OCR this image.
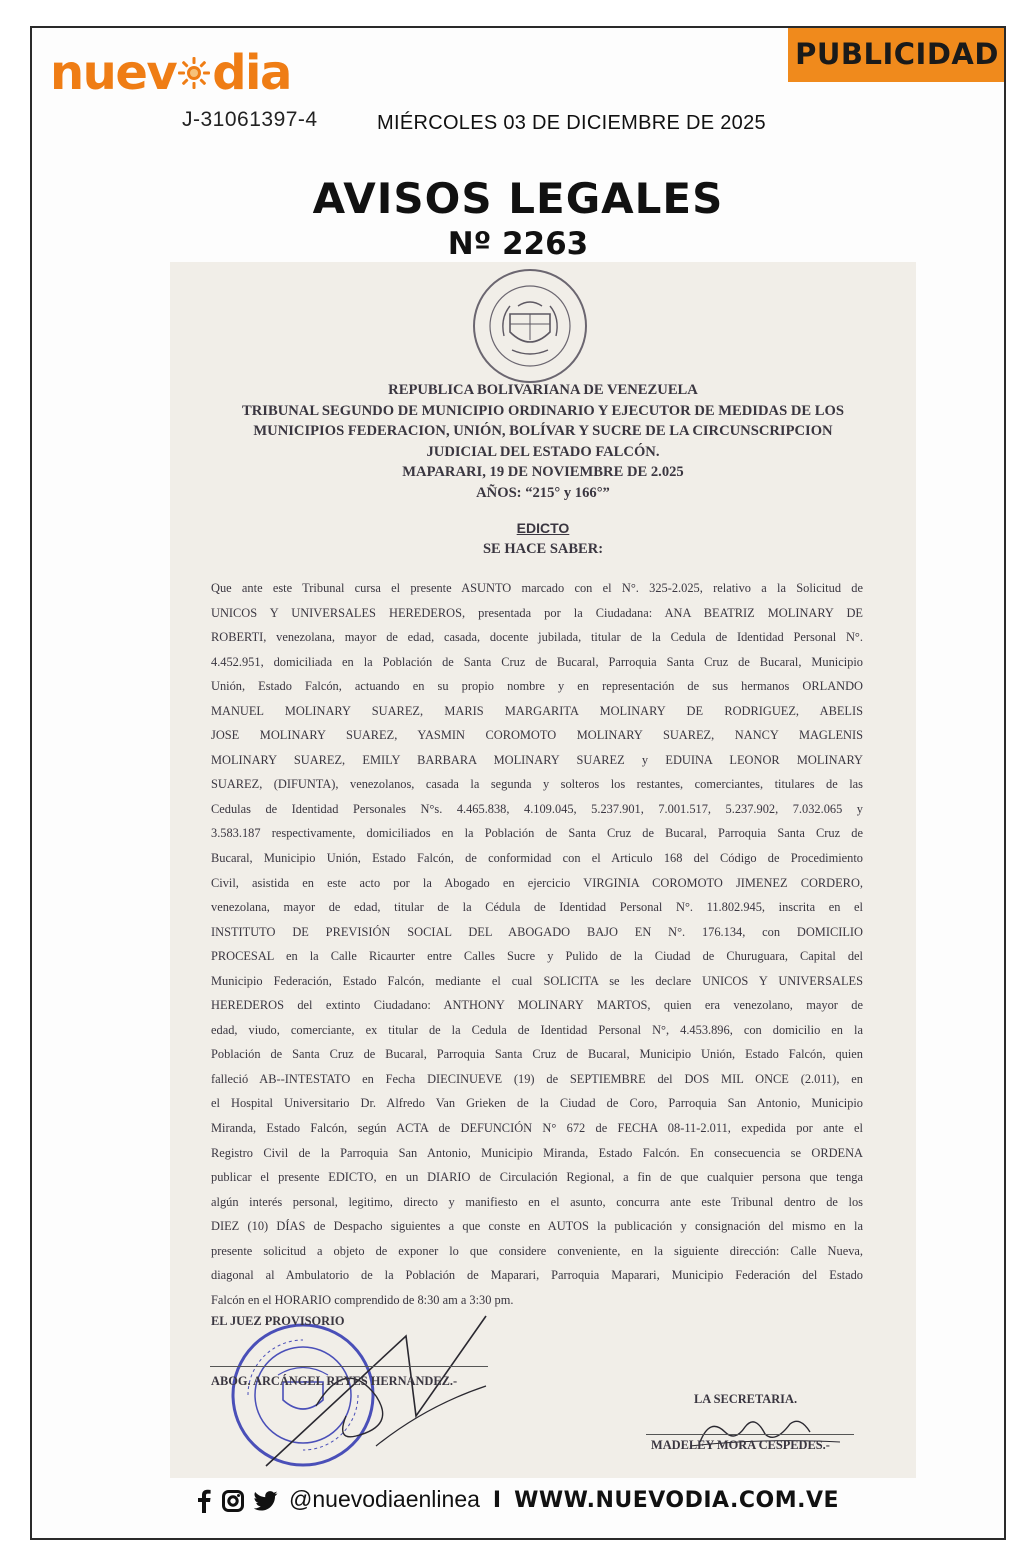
PUBLICIDAD
nuev dia
J-31061397-4	MIÉRCOLES 03 DE DICIEMBRE DE 2025
AVISOS LEGALES
Nº 2263
REPUBLICA BOLIVARIANA DE VENEZUELA
TRIBUNAL SEGUNDO DE MUNICIPIO ORDINARIO Y EJECUTOR DE MEDIDAS DE LOS
MUNICIPIOS FEDERACION, UNIÓN, BOLÍVAR Y SUCRE DE LA CIRCUNSCRIPCION
JUDICIAL DEL ESTADO FALCÓN.
MAPARARI, 19 DE NOVIEMBRE DE 2.025
AÑOS: “215° y 166°”
EDICTO
SE HACE SABER:
Que ante este Tribunal cursa el presente ASUNTO marcado con el N°. 325-2.025, relativo a la Solicitud de
UNICOS Y UNIVERSALES HEREDEROS, presentada por la Ciudadana: ANA BEATRIZ MOLINARY DE
ROBERTI, venezolana, mayor de edad, casada, docente jubilada, titular de la Cedula de Identidad Personal N°.
4.452.951, domiciliada en la Población de Santa Cruz de Bucaral, Parroquia Santa Cruz de Bucaral, Municipio
Unión, Estado Falcón, actuando en su propio nombre y en representación de sus hermanos ORLANDO
MANUEL MOLINARY SUAREZ, MARIS MARGARITA MOLINARY DE RODRIGUEZ, ABELIS
JOSE MOLINARY SUAREZ, YASMIN COROMOTO MOLINARY SUAREZ, NANCY MAGLENIS
MOLINARY SUAREZ, EMILY BARBARA MOLINARY SUAREZ y EDUINA LEONOR MOLINARY
SUAREZ, (DIFUNTA), venezolanos, casada la segunda y solteros los restantes, comerciantes, titulares de las
Cedulas de Identidad Personales N°s. 4.465.838, 4.109.045, 5.237.901, 7.001.517, 5.237.902, 7.032.065 y
3.583.187 respectivamente, domiciliados en la Población de Santa Cruz de Bucaral, Parroquia Santa Cruz de
Bucaral, Municipio Unión, Estado Falcón, de conformidad con el Articulo 168 del Código de Procedimiento
Civil, asistida en este acto por la Abogado en ejercicio VIRGINIA COROMOTO JIMENEZ CORDERO,
venezolana, mayor de edad, titular de la Cédula de Identidad Personal N°. 11.802.945, inscrita en el
INSTITUTO DE PREVISIÓN SOCIAL DEL ABOGADO BAJO EN N°. 176.134, con DOMICILIO
PROCESAL en la Calle Ricaurter entre Calles Sucre y Pulido de la Ciudad de Churuguara, Capital del
Municipio Federación, Estado Falcón, mediante el cual SOLICITA se les declare UNICOS Y UNIVERSALES
HEREDEROS del extinto Ciudadano: ANTHONY MOLINARY MARTOS, quien era venezolano, mayor de
edad, viudo, comerciante, ex titular de la Cedula de Identidad Personal N°, 4.453.896, con domicilio en la
Población de Santa Cruz de Bucaral, Parroquia Santa Cruz de Bucaral, Municipio Unión, Estado Falcón, quien
falleció AB--INTESTATO en Fecha DIECINUEVE (19) de SEPTIEMBRE del DOS MIL ONCE (2.011), en
el Hospital Universitario Dr. Alfredo Van Grieken de la Ciudad de Coro, Parroquia San Antonio, Municipio
Miranda, Estado Falcón, según ACTA de DEFUNCIÓN N° 672 de FECHA 08-11-2.011, expedida por ante el
Registro Civil de la Parroquia San Antonio, Municipio Miranda, Estado Falcón. En consecuencia se ORDENA
publicar el presente EDICTO, en un DIARIO de Circulación Regional, a fin de que cualquier persona que tenga
algún interés personal, legitimo, directo y manifiesto en el asunto, concurra ante este Tribunal dentro de los
DIEZ (10) DÍAS de Despacho siguientes a que conste en AUTOS la publicación y consignación del mismo en la
presente solicitud a objeto de exponer lo que considere conveniente, en la siguiente dirección: Calle Nueva,
diagonal al Ambulatorio de la Población de Maparari, Parroquia Maparari, Municipio Federación del Estado
Falcón en el HORARIO comprendido de 8:30 am a 3:30 pm.
EL JUEZ PROVISORIO
ABOG. ARCÁNGEL REYES HERNANDEZ.-
LA SECRETARIA.
MADELEY MORA CESPEDES.-
@nuevodiaenlinea I WWW.NUEVODIA.COM.VE
